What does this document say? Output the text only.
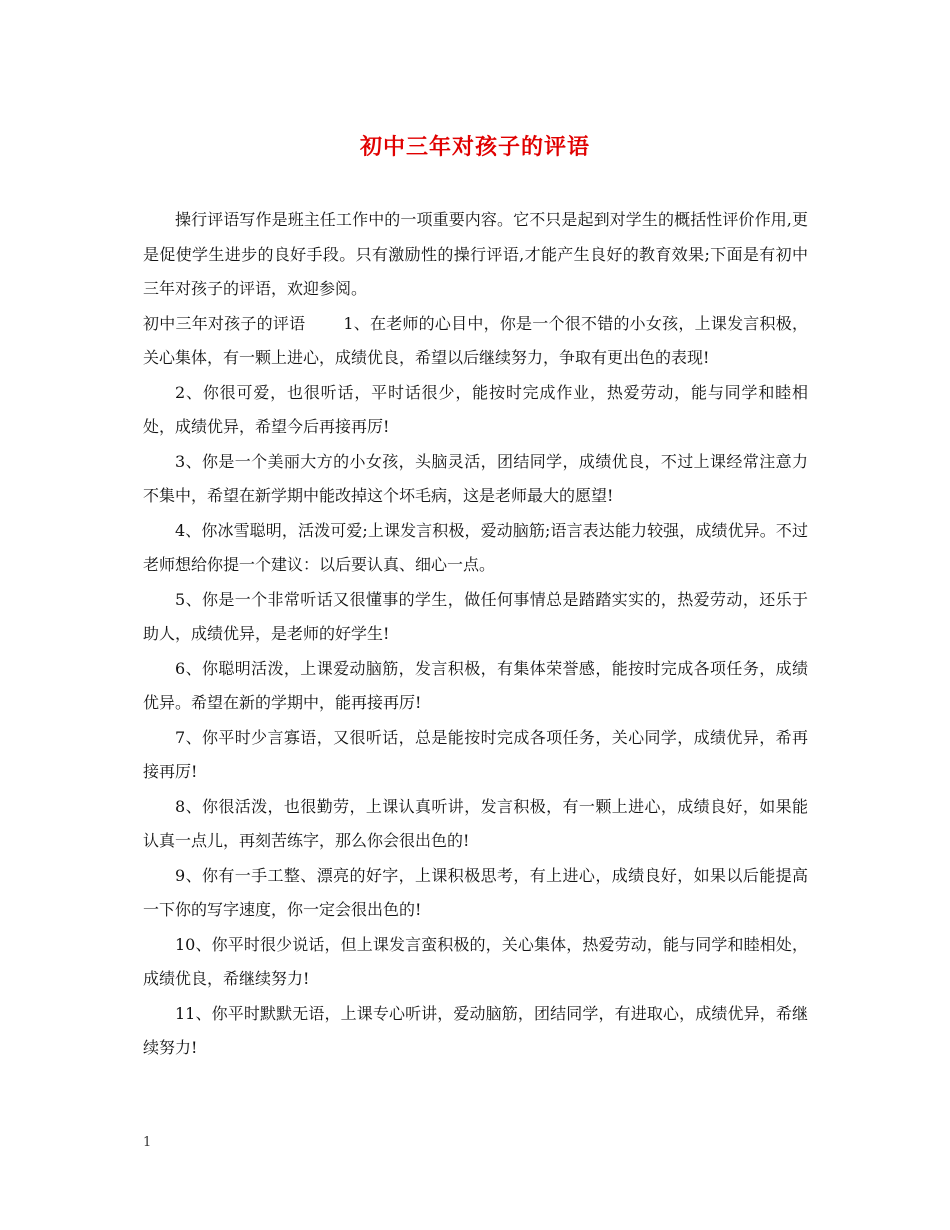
初中三年对孩子的评语

操行评语写作是班主任工作中的一项重要内容。它不只是起到对学生的概括性评价作用,更是促使学生进步的良好手段。只有激励性的操行评语,才能产生良好的教育效果;下面是有初中三年对孩子的评语，欢迎参阅。

初中三年对孩子的评语 1、在老师的心目中，你是一个很不错的小女孩，上课发言积极，关心集体，有一颗上进心，成绩优良，希望以后继续努力，争取有更出色的表现!

2、你很可爱，也很听话，平时话很少，能按时完成作业，热爱劳动，能与同学和睦相处，成绩优异，希望今后再接再厉!

3、你是一个美丽大方的小女孩，头脑灵活，团结同学，成绩优良，不过上课经常注意力不集中，希望在新学期中能改掉这个坏毛病，这是老师最大的愿望!

4、你冰雪聪明，活泼可爱;上课发言积极，爱动脑筋;语言表达能力较强，成绩优异。不过老师想给你提一个建议：以后要认真、细心一点。

5、你是一个非常听话又很懂事的学生，做任何事情总是踏踏实实的，热爱劳动，还乐于助人，成绩优异，是老师的好学生!

6、你聪明活泼，上课爱动脑筋，发言积极，有集体荣誉感，能按时完成各项任务，成绩优异。希望在新的学期中，能再接再厉!

7、你平时少言寡语，又很听话，总是能按时完成各项任务，关心同学，成绩优异，希再接再厉!

8、你很活泼，也很勤劳，上课认真听讲，发言积极，有一颗上进心，成绩良好，如果能认真一点儿，再刻苦练字，那么你会很出色的!

9、你有一手工整、漂亮的好字，上课积极思考，有上进心，成绩良好，如果以后能提高一下你的写字速度，你一定会很出色的!

10、你平时很少说话，但上课发言蛮积极的，关心集体，热爱劳动，能与同学和睦相处，成绩优良，希继续努力!

11、你平时默默无语，上课专心听讲，爱动脑筋，团结同学，有进取心，成绩优异，希继续努力!

1
